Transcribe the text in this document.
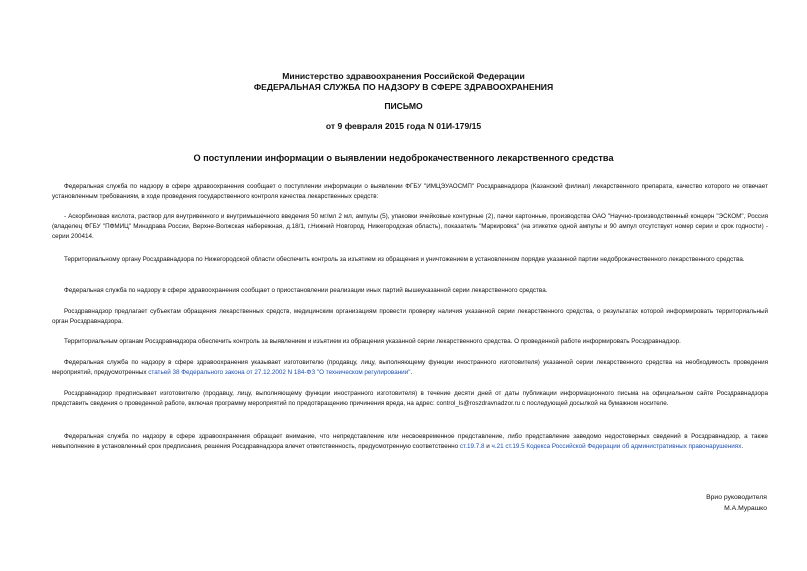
Министерство здравоохранения Российской Федерации
ФЕДЕРАЛЬНАЯ СЛУЖБА ПО НАДЗОРУ В СФЕРЕ ЗДРАВООХРАНЕНИЯ
ПИСЬМО
от 9 февраля 2015 года N 01И-179/15
О поступлении информации о выявлении недоброкачественного лекарственного средства
Федеральная служба по надзору в сфере здравоохранения сообщает о поступлении информации о выявлении ФГБУ "ИМЦЭУАОСМП" Росздравнадзора (Казанский филиал) лекарственного препарата, качество которого не отвечает установленным требованиям, в ходе проведения государственного контроля качества лекарственных средств:
- Аскорбиновая кислота, раствор для внутривенного и внутримышечного введения 50 мг/мл 2 мл, ампулы (5), упаковки ячейковые контурные (2), пачки картонные, производства ОАО "Научно-производственный концерн "ЭСКОМ", Россия (владелец ФГБУ "ПФМИЦ" Минздрава России, Верхне-Волжская набережная, д.18/1, г.Нижний Новгород, Нижегородская область), показатель "Маркировка" (на этикетке одной ампулы и 90 ампул отсутствует номер серии и срок годности) - серии 200414.
Территориальному органу Росздравнадзора по Нижегородской области обеспечить контроль за изъятием из обращения и уничтожением в установленном порядке указанной партии недоброкачественного лекарственного средства.
Федеральная служба по надзору в сфере здравоохранения сообщает о приостановлении реализации иных партий вышеуказанной серии лекарственного средства.
Росздравнадзор предлагает субъектам обращения лекарственных средств, медицинским организациям провести проверку наличия указанной серии лекарственного средства, о результатах которой информировать территориальный орган Росздравнадзора.
Территориальным органам Росздравнадзора обеспечить контроль за выявлением и изъятием из обращения указанной серии лекарственного средства. О проведенной работе информировать Росздравнадзор.
Федеральная служба по надзору в сфере здравоохранения указывает изготовителю (продавцу, лицу, выполняющему функции иностранного изготовителя) указанной серии лекарственного средства на необходимость проведения мероприятий, предусмотренных статьей 38 Федерального закона от 27.12.2002 N 184-ФЗ "О техническом регулировании".
Росздравнадзор предписывает изготовителю (продавцу, лицу, выполняющему функции иностранного изготовителя) в течение десяти дней от даты публикации информационного письма на официальном сайте Росздравнадзора представить сведения о проведенной работе, включая программу мероприятий по предотвращению причинения вреда, на адрес: control_ls@roszdravnadzor.ru с последующей досылкой на бумажном носителе.
Федеральная служба по надзору в сфере здравоохранения обращает внимание, что непредставление или несвоевременное представление, либо представление заведомо недостоверных сведений в Росздравнадзор, а также невыполнение в установленный срок предписания, решения Росздравнадзора влечет ответственность, предусмотренную соответственно ст.19.7.8 и ч.21 ст.19.5 Кодекса Российской Федерации об административных правонарушениях.
Врио руководителя
М.А.Мурашко
